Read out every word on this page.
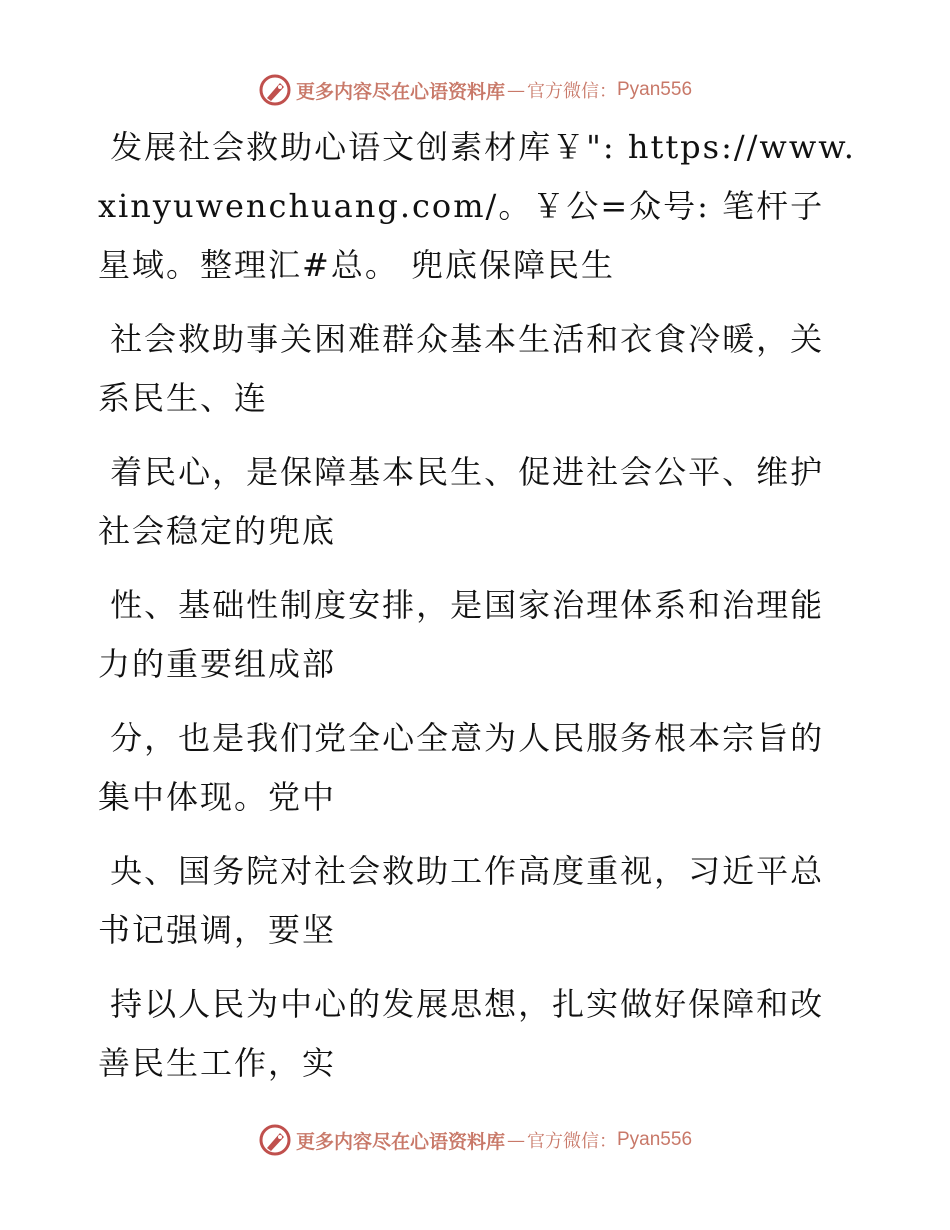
更多内容尽在心语资料库 — 官方微信： Pyan556

发展社会救助心语文创素材库￥": https://www.xinyuwenchuang.com/。￥公=众号: 笔杆子星域。整理汇#总。 兜底保障民生

社会救助事关困难群众基本生活和衣食冷暖，关系民生、连

着民心，是保障基本民生、促进社会公平、维护社会稳定的兜底

性、基础性制度安排，是国家治理体系和治理能力的重要组成部

分，也是我们党全心全意为人民服务根本宗旨的集中体现。党中

央、国务院对社会救助工作高度重视，习近平总书记强调，要坚

持以人民为中心的发展思想，扎实做好保障和改善民生工作，实

更多内容尽在心语资料库 — 官方微信： Pyan556
